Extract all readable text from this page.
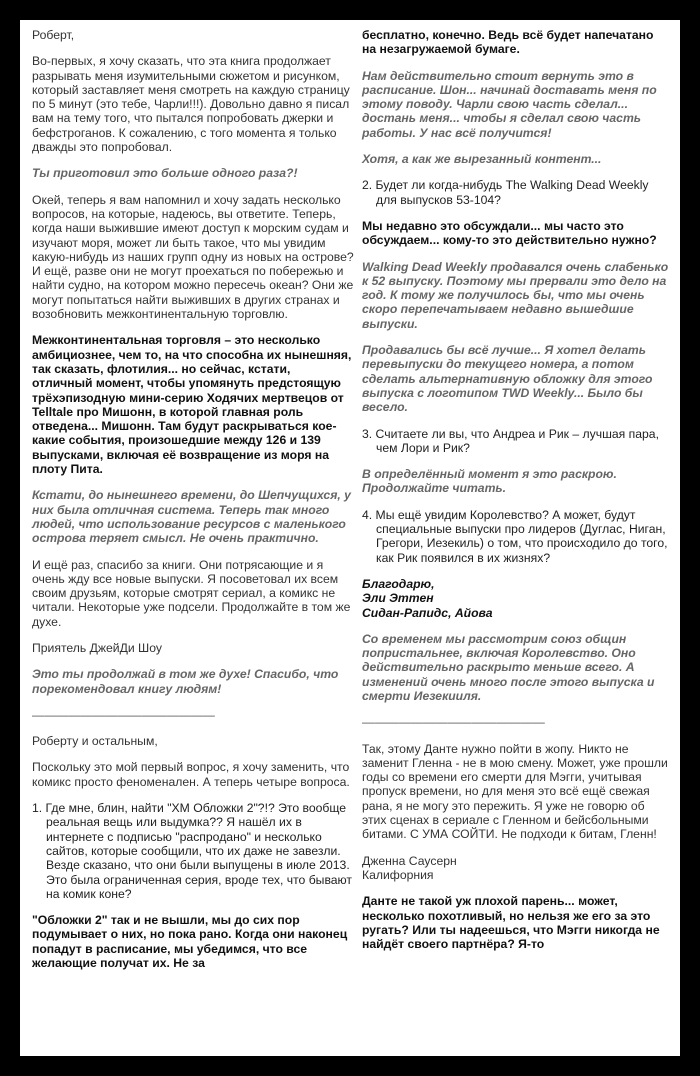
Роберт,

Во-первых, я хочу сказать, что эта книга продолжает разрывать меня изумительными сюжетом и рисунком, который заставляет меня смотреть на каждую страницу по 5 минут (это тебе, Чарли!!!). Довольно давно я писал вам на тему того, что пытался попробовать джерки и бефстрогано​в. К сожалению, с того момента я только дважды это попробовал.

Ты приготовил это больше одного раза?!

Окей, теперь я вам напомнил и хочу задать несколько вопросов, на которые, надеюсь, вы ответите. Теперь, когда наши выжившие имеют доступ к морским судам и изучают моря, может ли быть такое, что мы увидим какую-нибудь из наших групп одну из новых на острове? И ещё, разве они не могут проехаться по побережью и найти судно, на котором можно пересечь океан? Они же могут попытаться найти выживших в других странах и возобновить межконтинентальную торговлю.

Межконтинентальная торговля – это несколько амбициознее, чем то, на что способна их нынешняя, так сказать, флотилия... но сейчас, кстати, отличный момент, чтобы упомянуть предстоящую трёхэпизодную мини-серию Ходячих мертвецов от Telltale про Мишонн, в которой главная роль отведена... Мишонн. Там будут раскрываться кое-какие события, произошедшие между 126 и 139 выпусками, включая её возвращение из моря на плоту Пита.

Кстати, до нынешнего времени, до Шепчущихся, у них была отличная система. Теперь так много людей, что использование ресурсов с маленького острова теряет смысл. Не очень практично.

И ещё раз, спасибо за книги. Они потрясающие и я очень жду все новые выпуски. Я посоветовал их всем своим друзьям, которые смотрят сериал, а комикс не читали. Некоторые уже подсели. Продолжайте в том же духе.

Приятель ДжейДи Шоу

Это ты продолжай в том же духе! Спасибо, что порекомендовал книгу людям!

———————————————

Роберту и остальным,

Поскольку это мой первый вопрос, я хочу заменить, что комикс просто феноменален. А теперь четыре вопроса.

1. Где мне, блин, найти "ХМ Обложки 2"?!? Это вообще реальная вещь или выдумка?? Я нашёл их в интернете с подписью "распродано" и несколько сайтов, которые сообщили, что их даже не завезли. Везде сказано, что они были выпущены в июле 2013. Это была ограниченная серия, вроде тех, что бывают на комик коне?

"Обложки 2" так и не вышли, мы до сих пор подумывает о них, но пока рано. Когда они наконец попадут в расписание, мы убедимся, что все желающие получат их. Не за

бесплатно, конечно. Ведь всё будет напечатано на незагружаемой бумаге.

Нам действительно стоит вернуть это в расписание. Шон... начинай доставать меня по этому поводу. Чарли свою часть сделал... достань меня... чтобы я сделал свою часть работы. У нас всё получится!

Хотя, а как же вырезанный контент...

2. Будет ли когда-нибудь The Walking Dead Weekly для выпусков 53-104?

Мы недавно это обсуждали... мы часто это обсуждаем... кому-то это действительно нужно?

Walking Dead Weekly продавался очень слабенько к 52 выпуску. Поэтому мы прервали это дело на год. К тому же получилось бы, что мы очень скоро перепечатываем недавно вышедшие выпуски.

Продавались бы всё лучше... Я хотел делать перевыпуски до текущего номера, а потом сделать альтернативную обложку для этого выпуска с логотипом TWD Weekly... Было бы весело.

3. Считаете ли вы, что Андреа и Рик – лучшая пара, чем Лори и Рик?

В определённый момент я это раскрою. Продолжайте читать.

4. Мы ещё увидим Королевство? А может, будут специальные выпуски про лидеров (Дуглас, Ниган, Грегори, Иезекиль) о том, что происходило до того, как Рик появился в их жизнях?

Благодарю,
Эли Эттен
Сидан-Рапидс, Айова

Со временем мы рассмотрим союз общин попристальнее, включая Королевство. Оно действительно раскрыто меньше всего. А изменений очень много после этого выпуска и смерти Иезекииля.

———————————————

Так, этому Данте нужно пойти в жопу. Никто не заменит Гленна - не в мою смену. Может, уже прошли годы со времени его смерти для Мэгги, учитывая пропуск времени, но для меня это всё ещё свежая рана, я не могу это пережить. Я уже не говорю об этих сценах в сериале с Гленном и бейсбольными битами. С УМА СОЙТИ. Не подходи к битам, Гленн!

Дженна Саусерн
Калифорния

Данте не такой уж плохой парень... может, несколько похотливый, но нельзя же его за это ругать? Или ты надеешься, что Мэгги никогда не найдёт своего партнёра? Я-то
